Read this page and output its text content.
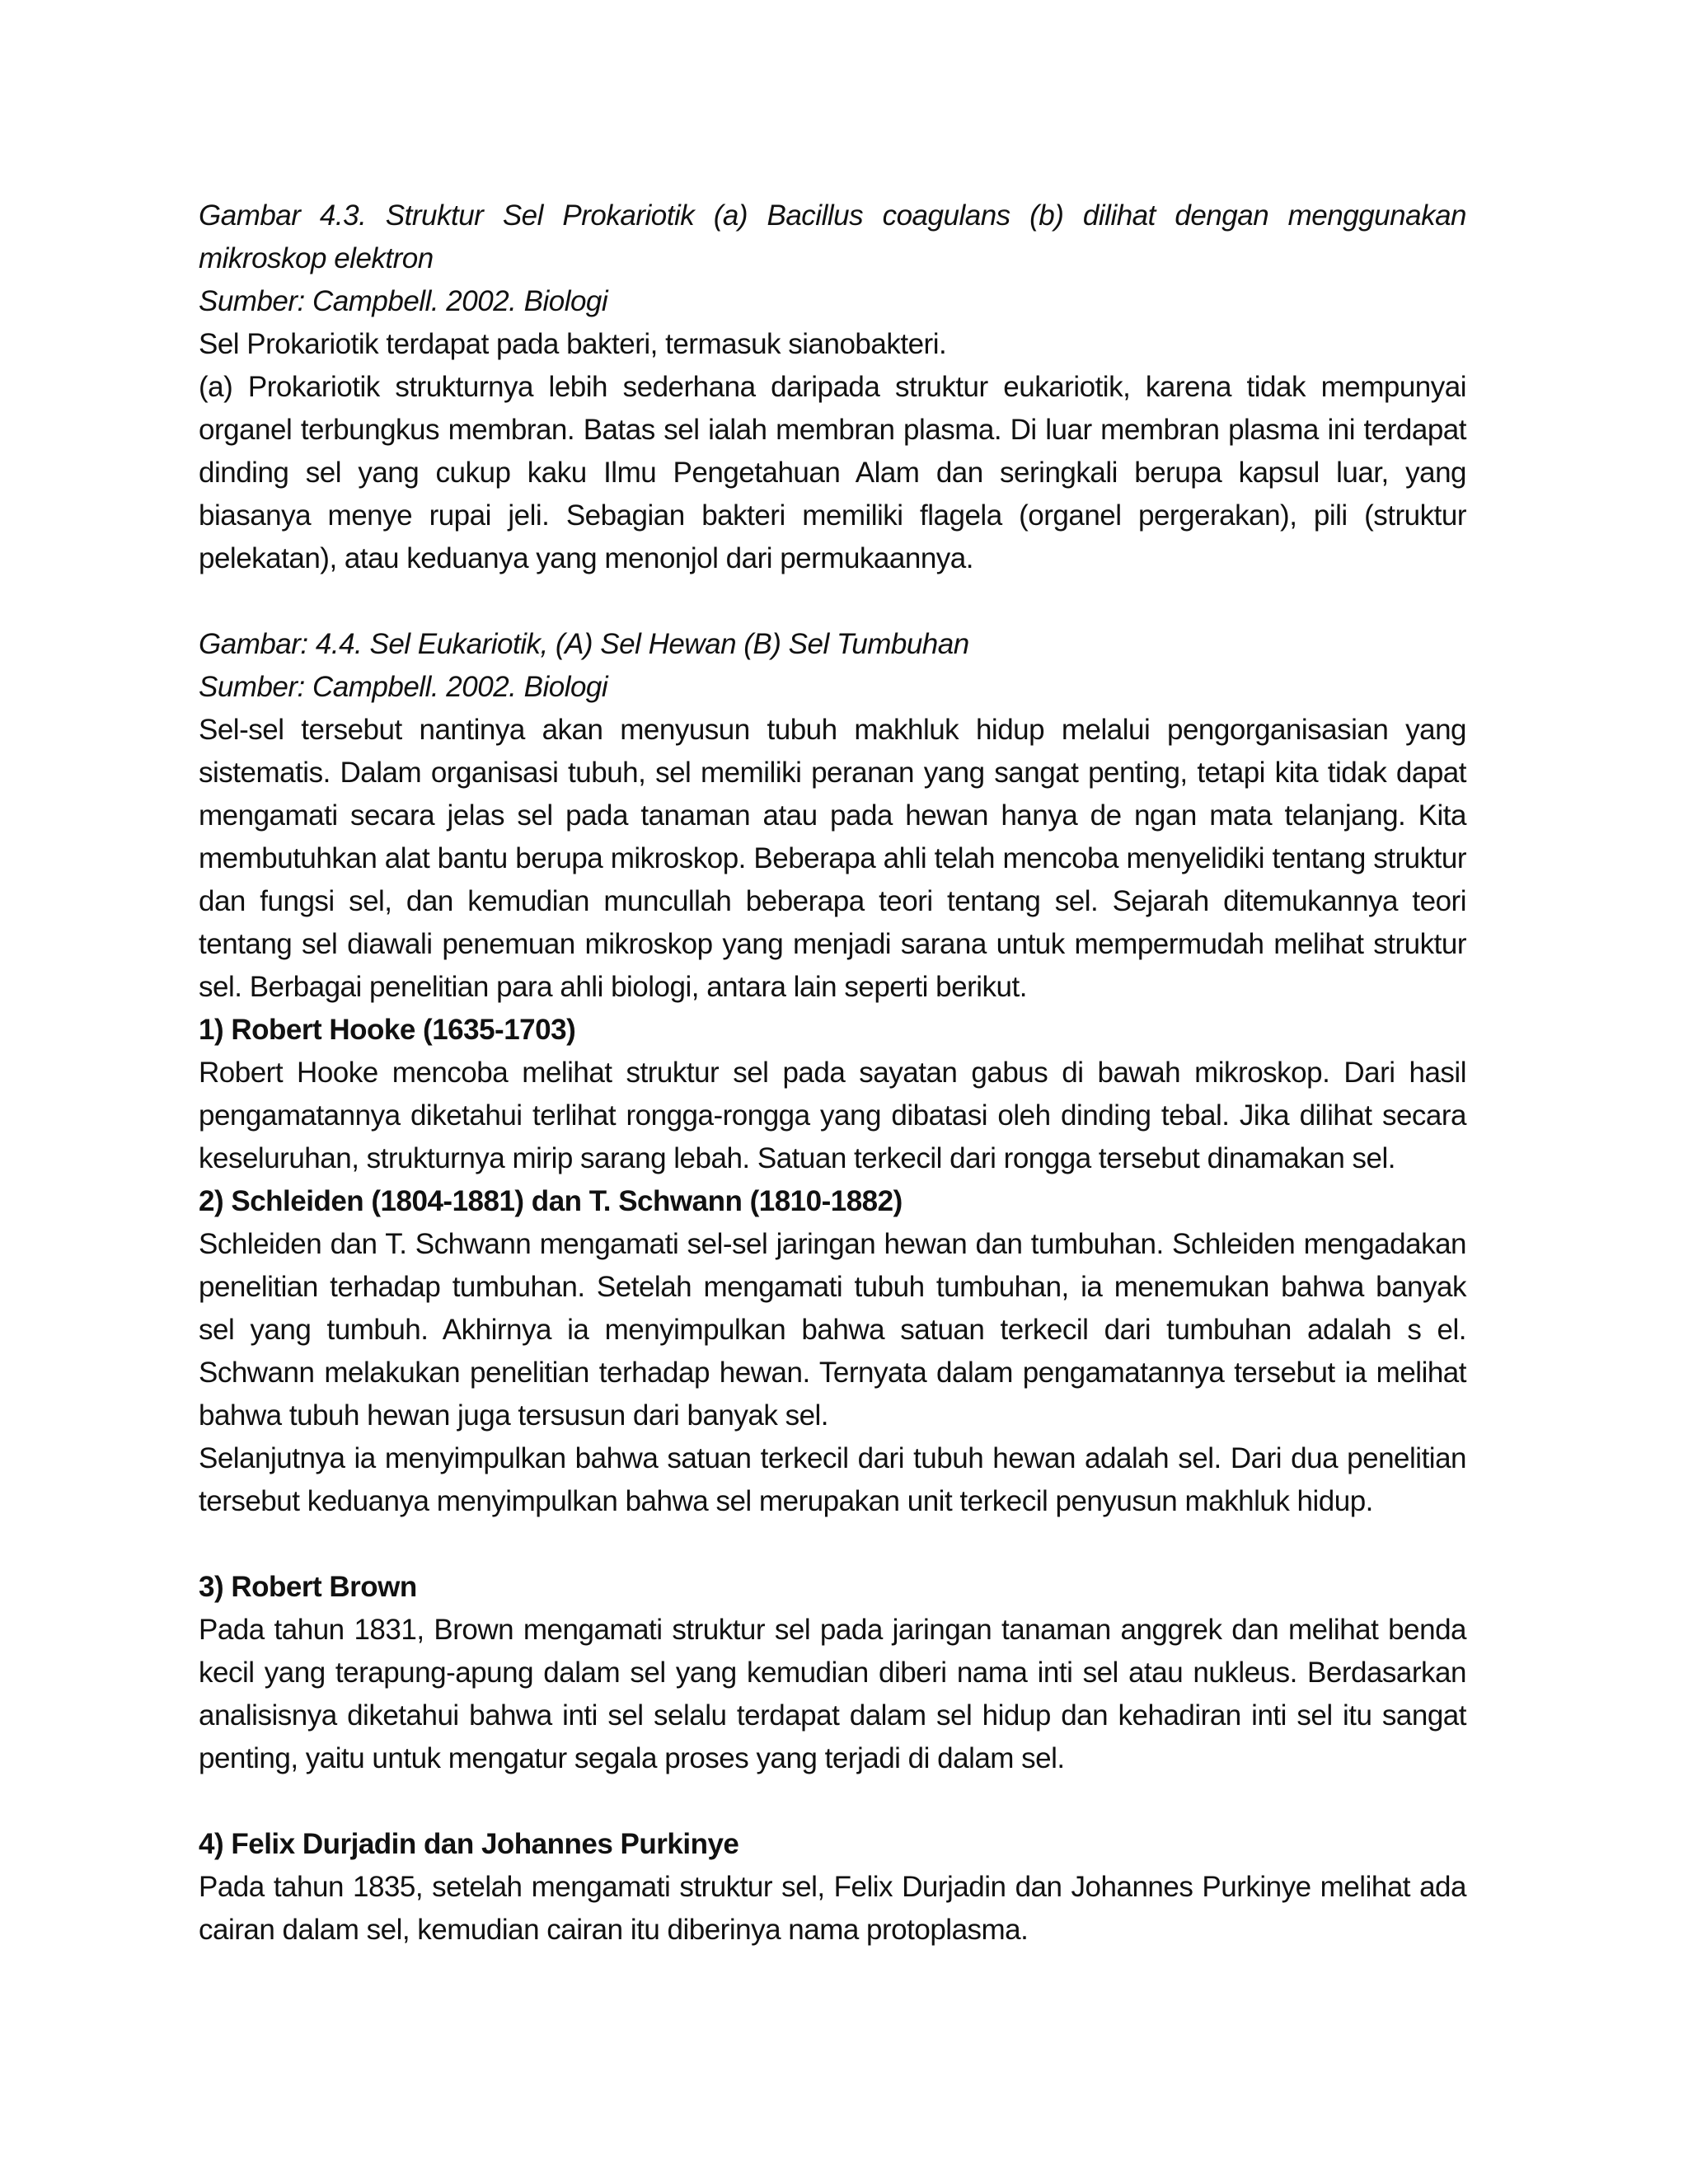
Gambar 4.3. Struktur Sel Prokariotik (a) Bacillus coagulans (b) dilihat dengan menggunakan mikroskop elektron

Sumber: Campbell. 2002. Biologi

Sel Prokariotik terdapat pada bakteri, termasuk sianobakteri.

(a) Prokariotik strukturnya lebih sederhana daripada struktur eukariotik, karena tidak mempunyai organel terbungkus membran. Batas sel ialah membran plasma. Di luar membran plasma ini terdapat dinding sel yang cukup kaku Ilmu Pengetahuan Alam dan seringkali berupa kapsul luar, yang biasanya menye rupai jeli. Sebagian bakteri memiliki flagela (organel pergerakan), pili (struktur pelekatan), atau keduanya yang menonjol dari permukaannya.

Gambar: 4.4. Sel Eukariotik, (A) Sel Hewan (B) Sel Tumbuhan

Sumber: Campbell. 2002. Biologi

Sel-sel tersebut nantinya akan menyusun tubuh makhluk hidup melalui pengorganisasian yang sistematis. Dalam organisasi tubuh, sel memiliki peranan yang sangat penting, tetapi kita tidak dapat mengamati secara jelas sel pada tanaman atau pada hewan hanya de ngan mata telanjang. Kita membutuhkan alat bantu berupa mikroskop. Beberapa ahli telah mencoba menyelidiki tentang struktur dan fungsi sel, dan kemudian muncullah beberapa teori tentang sel. Sejarah ditemukannya teori tentang sel diawali penemuan mikroskop yang menjadi sarana untuk mempermudah melihat struktur sel. Berbagai penelitian para ahli biologi, antara lain seperti berikut.

1) Robert Hooke (1635-1703)

Robert Hooke mencoba melihat struktur sel pada sayatan gabus di bawah mikroskop. Dari hasil pengamatannya diketahui terlihat rongga-rongga yang dibatasi oleh dinding tebal. Jika dilihat secara keseluruhan, strukturnya mirip sarang lebah. Satuan terkecil dari rongga tersebut dinamakan sel.

2) Schleiden (1804-1881) dan T. Schwann (1810-1882)

Schleiden dan T. Schwann mengamati sel-sel jaringan hewan dan tumbuhan. Schleiden mengadakan penelitian terhadap tumbuhan. Setelah mengamati tubuh tumbuhan, ia menemukan bahwa banyak sel yang tumbuh. Akhirnya ia menyimpulkan bahwa satuan terkecil dari tumbuhan adalah s el. Schwann melakukan penelitian terhadap hewan. Ternyata dalam pengamatannya tersebut ia melihat bahwa tubuh hewan juga tersusun dari banyak sel.

Selanjutnya ia menyimpulkan bahwa satuan terkecil dari tubuh hewan adalah sel. Dari dua penelitian tersebut keduanya menyimpulkan bahwa sel merupakan unit terkecil penyusun makhluk hidup.

3) Robert Brown

Pada tahun 1831, Brown mengamati struktur sel pada jaringan tanaman anggrek dan melihat benda kecil yang terapung-apung dalam sel yang kemudian diberi nama inti sel atau nukleus. Berdasarkan analisisnya diketahui bahwa inti sel selalu terdapat dalam sel hidup dan kehadiran inti sel itu sangat penting, yaitu untuk mengatur segala proses yang terjadi di dalam sel.

4) Felix Durjadin dan Johannes Purkinye

Pada tahun 1835, setelah mengamati struktur sel, Felix Durjadin dan Johannes Purkinye melihat ada cairan dalam sel, kemudian cairan itu diberinya nama protoplasma.
